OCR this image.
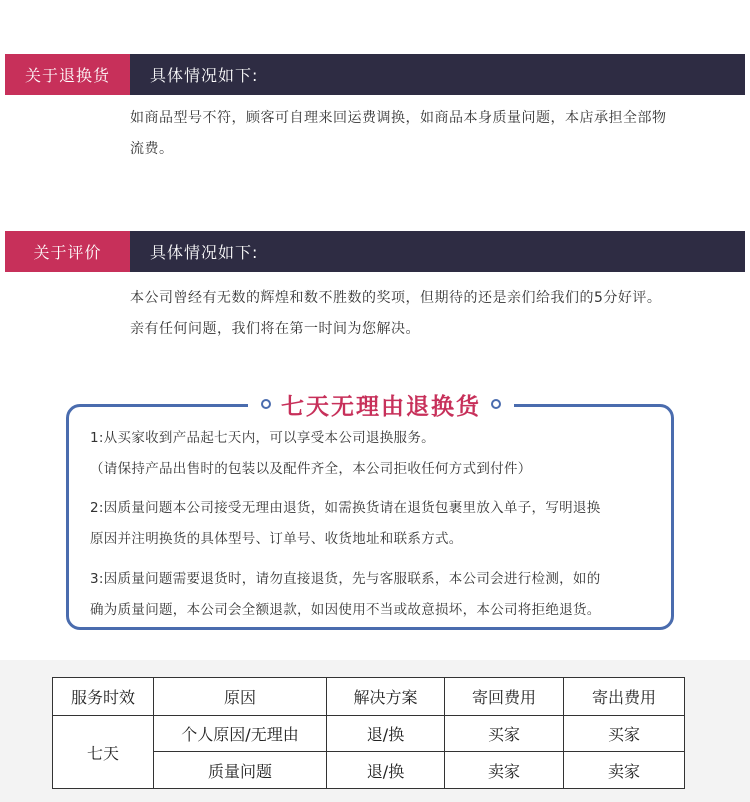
关于退换货	具体情况如下:
如商品型号不符，顾客可自理来回运费调换，如商品本身质量问题，本店承担全部物
流费。
关于评价	具体情况如下:
本公司曾经有无数的辉煌和数不胜数的奖项，但期待的还是亲们给我们的5分好评。
亲有任何问题，我们将在第一时间为您解决。
七天无理由退换货
1:从买家收到产品起七天内，可以享受本公司退换服务。
（请保持产品出售时的包装以及配件齐全，本公司拒收任何方式到付件）
2:因质量问题本公司接受无理由退货，如需换货请在退货包裹里放入单子，写明退换
原因并注明换货的具体型号、订单号、收货地址和联系方式。
3:因质量问题需要退货时，请勿直接退货，先与客服联系，本公司会进行检测，如的
确为质量问题，本公司会全额退款，如因使用不当或故意损坏，本公司将拒绝退货。
服务时效	原因	解决方案	寄回费用	寄出费用
七天	个人原因/无理由	退/换	买家	买家
	质量问题	退/换	卖家	卖家
